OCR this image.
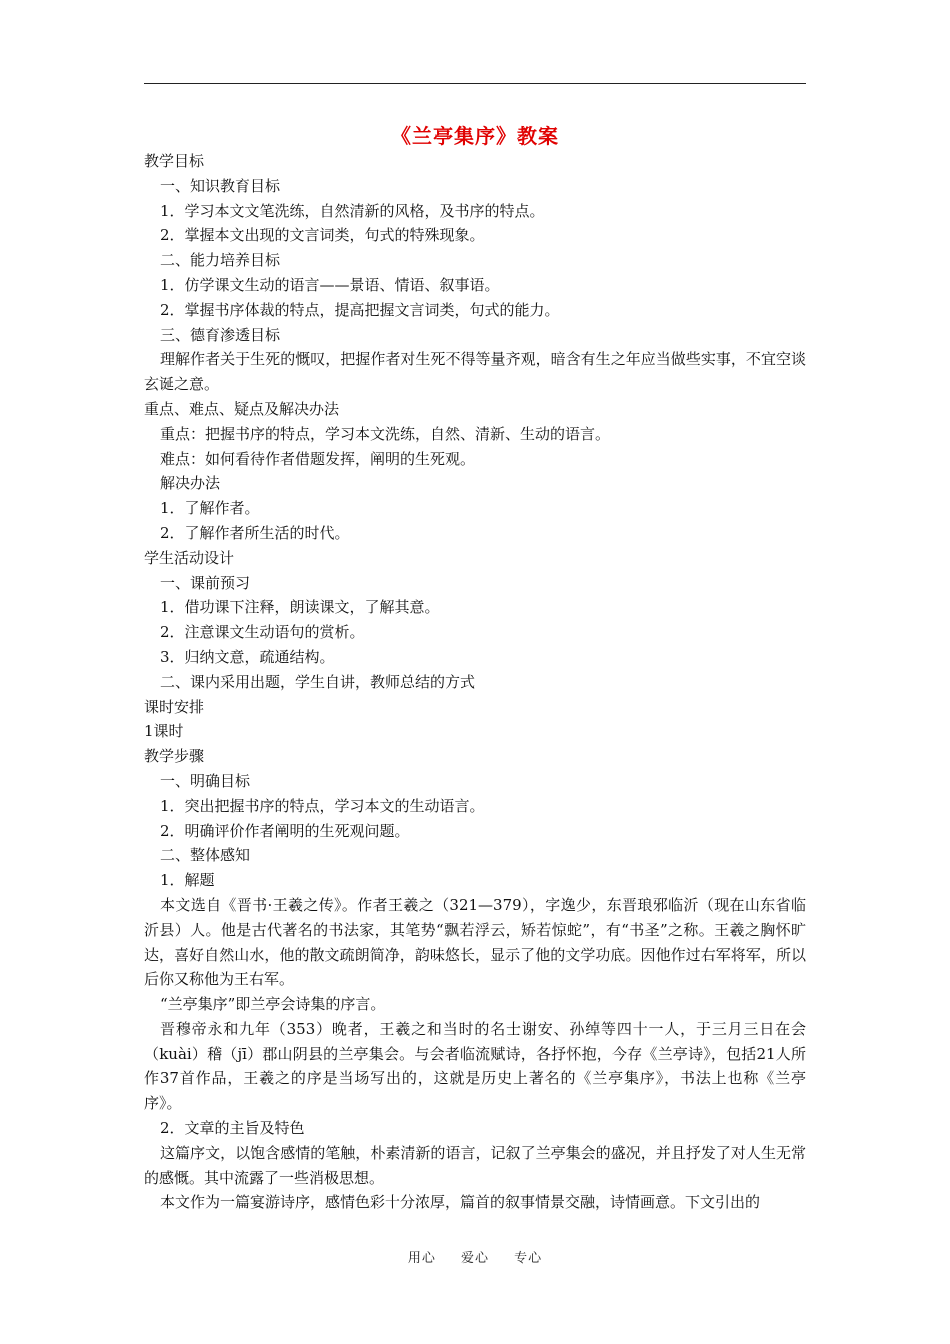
《兰亭集序》教案
教学目标
一、知识教育目标
1．学习本文文笔洗练，自然清新的风格，及书序的特点。
2．掌握本文出现的文言词类，句式的特殊现象。
二、能力培养目标
1．仿学课文生动的语言——景语、情语、叙事语。
2．掌握书序体裁的特点，提高把握文言词类，句式的能力。
三、德育渗透目标
理解作者关于生死的慨叹，把握作者对生死不得等量齐观，暗含有生之年应当做些实事，不宜空谈玄诞之意。
重点、难点、疑点及解决办法
重点：把握书序的特点，学习本文洗练，自然、清新、生动的语言。
难点：如何看待作者借题发挥，阐明的生死观。
解决办法
1．了解作者。
2．了解作者所生活的时代。
学生活动设计
一、课前预习
1．借功课下注释，朗读课文，了解其意。
2．注意课文生动语句的赏析。
3．归纳文意，疏通结构。
二、课内采用出题，学生自讲，教师总结的方式
课时安排
1课时
教学步骤
一、明确目标
1．突出把握书序的特点，学习本文的生动语言。
2．明确评价作者阐明的生死观问题。
二、整体感知
1．解题
本文选自《晋书·王羲之传》。作者王羲之（321—379），字逸少，东晋琅邪临沂（现在山东省临沂县）人。他是古代著名的书法家，其笔势“飘若浮云，矫若惊蛇”，有“书圣”之称。王羲之胸怀旷达，喜好自然山水，他的散文疏朗简净，韵味悠长，显示了他的文学功底。因他作过右军将军，所以后你又称他为王右军。
“兰亭集序”即兰亭会诗集的序言。
晋穆帝永和九年（353）晚者，王羲之和当时的名士谢安、孙绰等四十一人，于三月三日在会（kuài）稽（jī）郡山阴县的兰亭集会。与会者临流赋诗，各抒怀抱，今存《兰亭诗》，包括21人所作37首作品，王羲之的序是当场写出的，这就是历史上著名的《兰亭集序》，书法上也称《兰亭序》。
2．文章的主旨及特色
这篇序文，以饱含感情的笔触，朴素清新的语言，记叙了兰亭集会的盛况，并且抒发了对人生无常的感慨。其中流露了一些消极思想。
本文作为一篇宴游诗序，感情色彩十分浓厚，篇首的叙事情景交融，诗情画意。下文引出的
用心 爱心 专心
